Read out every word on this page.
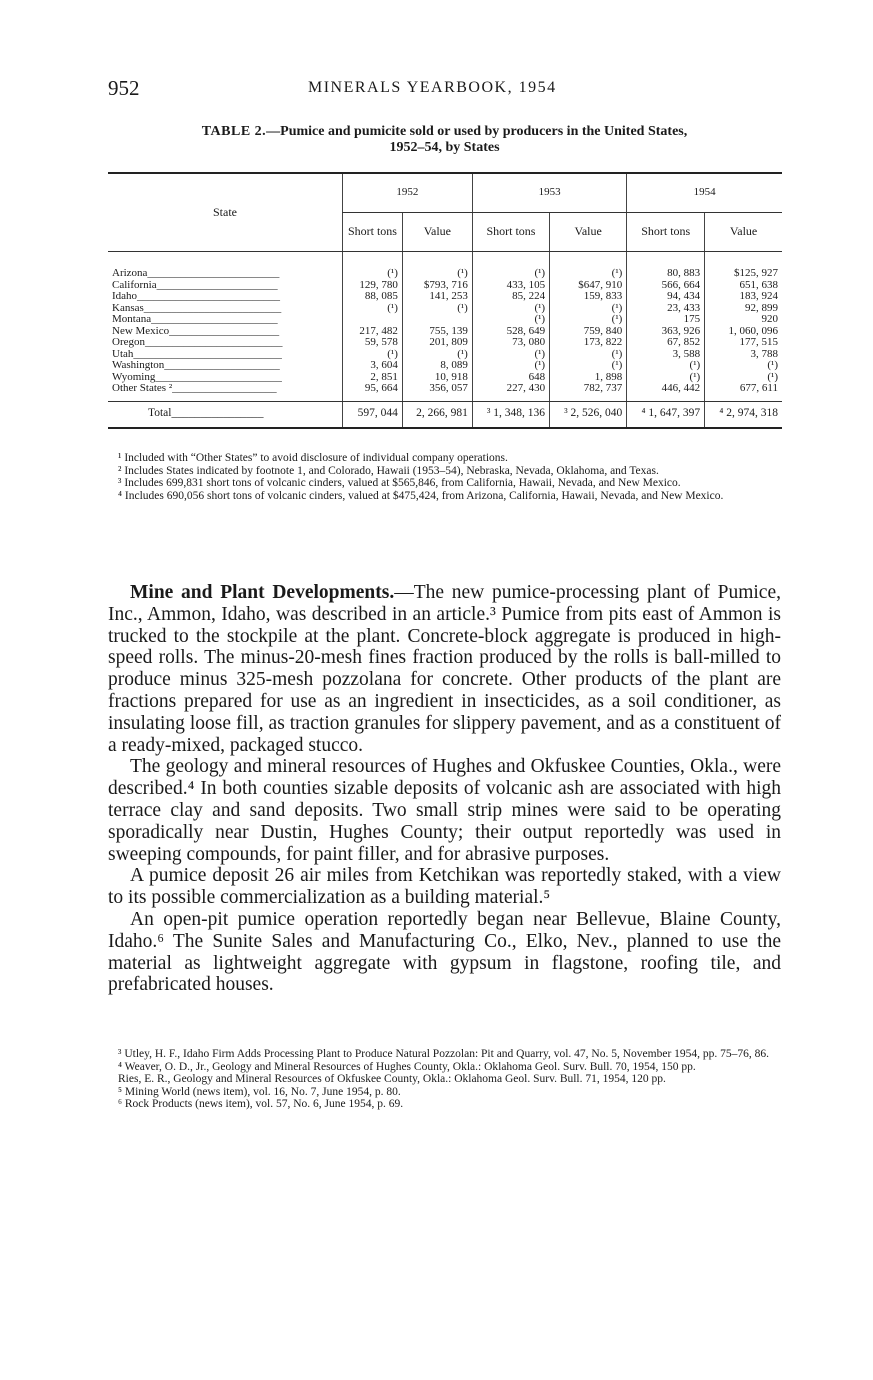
952	MINERALS YEARBOOK, 1954
TABLE 2.—Pumice and pumicite sold or used by producers in the United States,
1952–54, by States
State	1952		1953		1954	
	Short tons	Value	Short tons	Value	Short tons	Value
Arizona________________________	(¹)	(¹)	(¹)	(¹)	80, 883	$125, 927
California______________________	129, 780	$793, 716	433, 105	$647, 910	566, 664	651, 638
Idaho__________________________	88, 085	141, 253	85, 224	159, 833	94, 434	183, 924
Kansas_________________________	(¹)	(¹)	(¹)	(¹)	23, 433	92, 899
Montana_______________________			(¹)	(¹)	175	920
New Mexico____________________	217, 482	755, 139	528, 649	759, 840	363, 926	1, 060, 096
Oregon_________________________	59, 578	201, 809	73, 080	173, 822	67, 852	177, 515
Utah___________________________	(¹)	(¹)	(¹)	(¹)	3, 588	3, 788
Washington_____________________	3, 604	8, 089	(¹)	(¹)	(¹)	(¹)
Wyoming_______________________	2, 851	10, 918	648	1, 898	(¹)	(¹)
Other States ²___________________	95, 664	356, 057	227, 430	782, 737	446, 442	677, 611
Total________________	597, 044	2, 266, 981	³ 1, 348, 136	³ 2, 526, 040	⁴ 1, 647, 397	⁴ 2, 974, 318

¹ Included with “Other States” to avoid disclosure of individual company operations.

² Includes States indicated by footnote 1, and Colorado, Hawaii (1953–54), Nebraska, Nevada, Oklahoma, and Texas.

³ Includes 699,831 short tons of volcanic cinders, valued at $565,846, from California, Hawaii, Nevada, and New Mexico.

⁴ Includes 690,056 short tons of volcanic cinders, valued at $475,424, from Arizona, California, Hawaii, Nevada, and New Mexico.

Mine and Plant Developments.—The new pumice-processing plant of Pumice, Inc., Ammon, Idaho, was described in an article.³ Pumice from pits east of Ammon is trucked to the stockpile at the plant. Concrete-block aggregate is produced in high-speed rolls. The minus-20-mesh fines fraction produced by the rolls is ball-milled to produce minus 325-mesh pozzolana for concrete. Other products of the plant are fractions prepared for use as an ingredient in insecticides, as a soil conditioner, as insulating loose fill, as traction granules for slippery pavement, and as a constituent of a ready-mixed, packaged stucco.

The geology and mineral resources of Hughes and Okfuskee Counties, Okla., were described.⁴ In both counties sizable deposits of volcanic ash are associated with high terrace clay and sand deposits. Two small strip mines were said to be operating sporadically near Dustin, Hughes County; their output reportedly was used in sweeping compounds, for paint filler, and for abrasive purposes.

A pumice deposit 26 air miles from Ketchikan was reportedly staked, with a view to its possible commercialization as a building material.⁵

An open-pit pumice operation reportedly began near Bellevue, Blaine County, Idaho.⁶ The Sunite Sales and Manufacturing Co., Elko, Nev., planned to use the material as lightweight aggregate with gypsum in flagstone, roofing tile, and prefabricated houses.

³ Utley, H. F., Idaho Firm Adds Processing Plant to Produce Natural Pozzolan: Pit and Quarry, vol. 47, No. 5, November 1954, pp. 75–76, 86.

⁴ Weaver, O. D., Jr., Geology and Mineral Resources of Hughes County, Okla.: Oklahoma Geol. Surv. Bull. 70, 1954, 150 pp.

Ries, E. R., Geology and Mineral Resources of Okfuskee County, Okla.: Oklahoma Geol. Surv. Bull. 71, 1954, 120 pp.

⁵ Mining World (news item), vol. 16, No. 7, June 1954, p. 80.

⁶ Rock Products (news item), vol. 57, No. 6, June 1954, p. 69.
